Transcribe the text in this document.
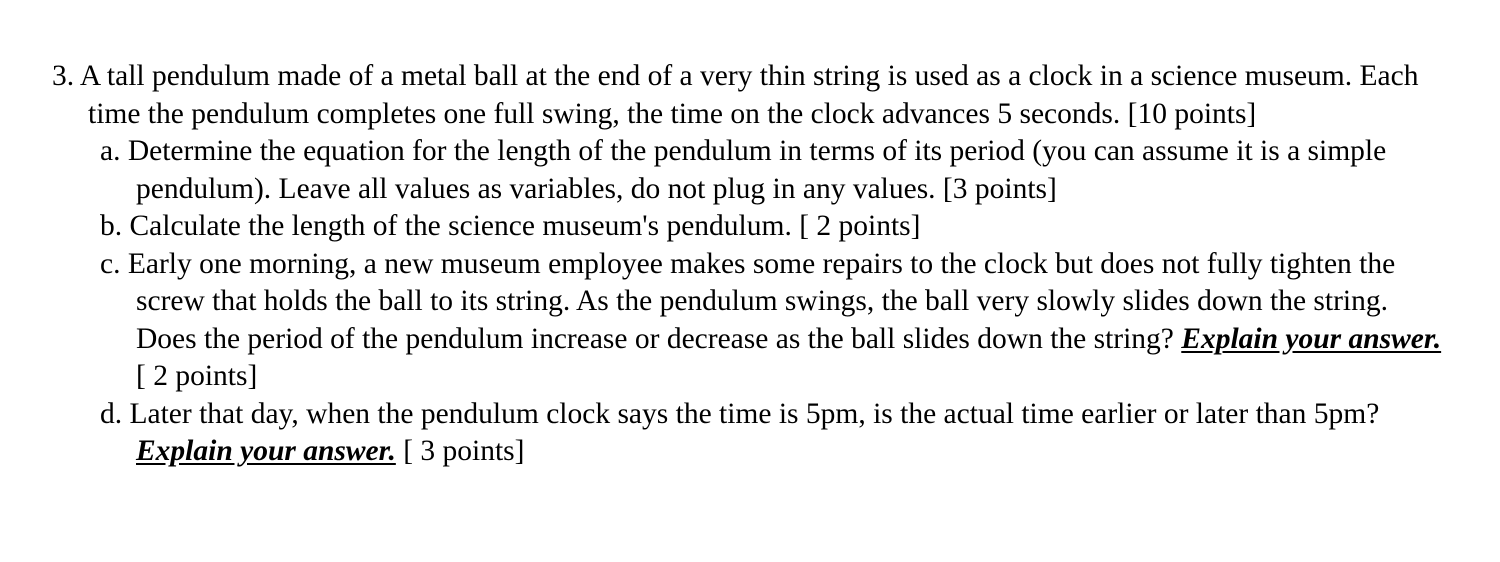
3. A tall pendulum made of a metal ball at the end of a very thin string is used as a clock in a science museum. Each time the pendulum completes one full swing, the time on the clock advances 5 seconds. [10 points]

a. Determine the equation for the length of the pendulum in terms of its period (you can assume it is a simple pendulum). Leave all values as variables, do not plug in any values. [3 points]

b. Calculate the length of the science museum's pendulum. [ 2 points]

c. Early one morning, a new museum employee makes some repairs to the clock but does not fully tighten the screw that holds the ball to its string. As the pendulum swings, the ball very slowly slides down the string. Does the period of the pendulum increase or decrease as the ball slides down the string? Explain your answer. [ 2 points]

d. Later that day, when the pendulum clock says the time is 5pm, is the actual time earlier or later than 5pm? Explain your answer. [ 3 points]
